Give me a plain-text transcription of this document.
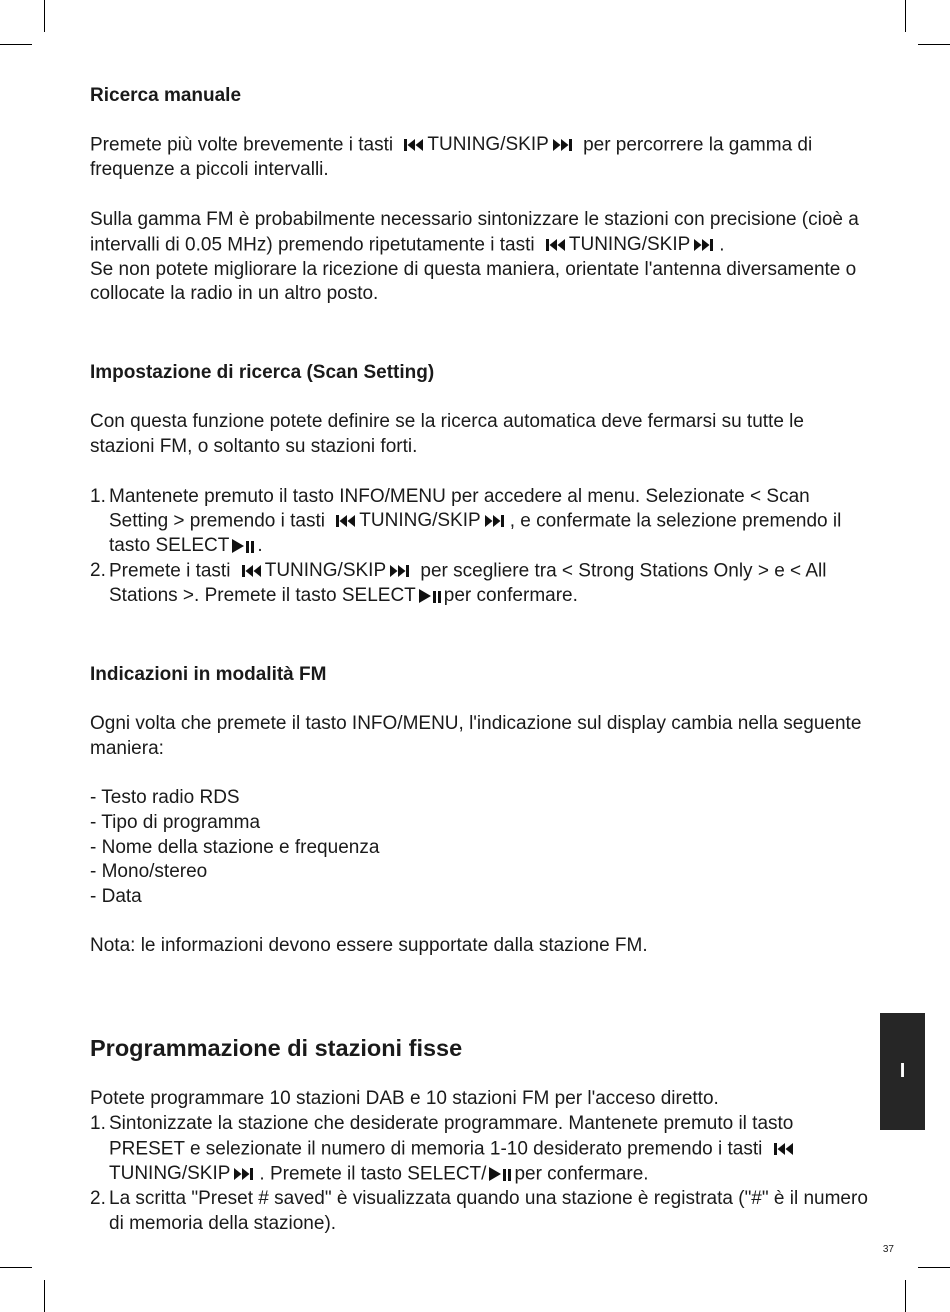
Ricerca manuale

Premete più volte brevemente i tasti TUNING/SKIP per percorrere la gamma di frequenze a piccoli intervalli.

Sulla gamma FM è probabilmente necessario sintonizzare le stazioni con precisione (cioè a intervalli di 0.05 MHz) premendo ripetutamente i tasti TUNING/SKIP .

Se non potete migliorare la ricezione di questa maniera, orientate l'antenna diversamente o collocate la radio in un altro posto.

Impostazione di ricerca (Scan Setting)

Con questa funzione potete definire se la ricerca automatica deve fermarsi su tutte le stazioni FM, o soltanto su stazioni forti.

1. Mantenete premuto il tasto INFO/MENU per accedere al menu. Selezionate < Scan Setting > premendo i tasti TUNING/SKIP , e confermate la selezione premendo il tasto SELECT .
2. Premete i tasti TUNING/SKIP per scegliere tra < Strong Stations Only > e < All Stations >. Premete il tasto SELECT per confermare.

Indicazioni in modalità FM

Ogni volta che premete il tasto INFO/MENU, l'indicazione sul display cambia nella seguente maniera:

- Testo radio RDS
- Tipo di programma
- Nome della stazione e frequenza
- Mono/stereo
- Data

Nota: le informazioni devono essere supportate dalla stazione FM.

Programmazione di stazioni fisse

Potete programmare 10 stazioni DAB e 10 stazioni FM per l'acceso diretto.

1. Sintonizzate la stazione che desiderate programmare. Mantenete premuto il tasto PRESET e selezionate il numero di memoria 1-10 desiderato premendo i tasti
TUNING/SKIP . Premete il tasto SELECT/ per confermare.
2. La scritta "Preset # saved" è visualizzata quando una stazione è registrata ("#" è il numero di memoria della stazione).
I
37
